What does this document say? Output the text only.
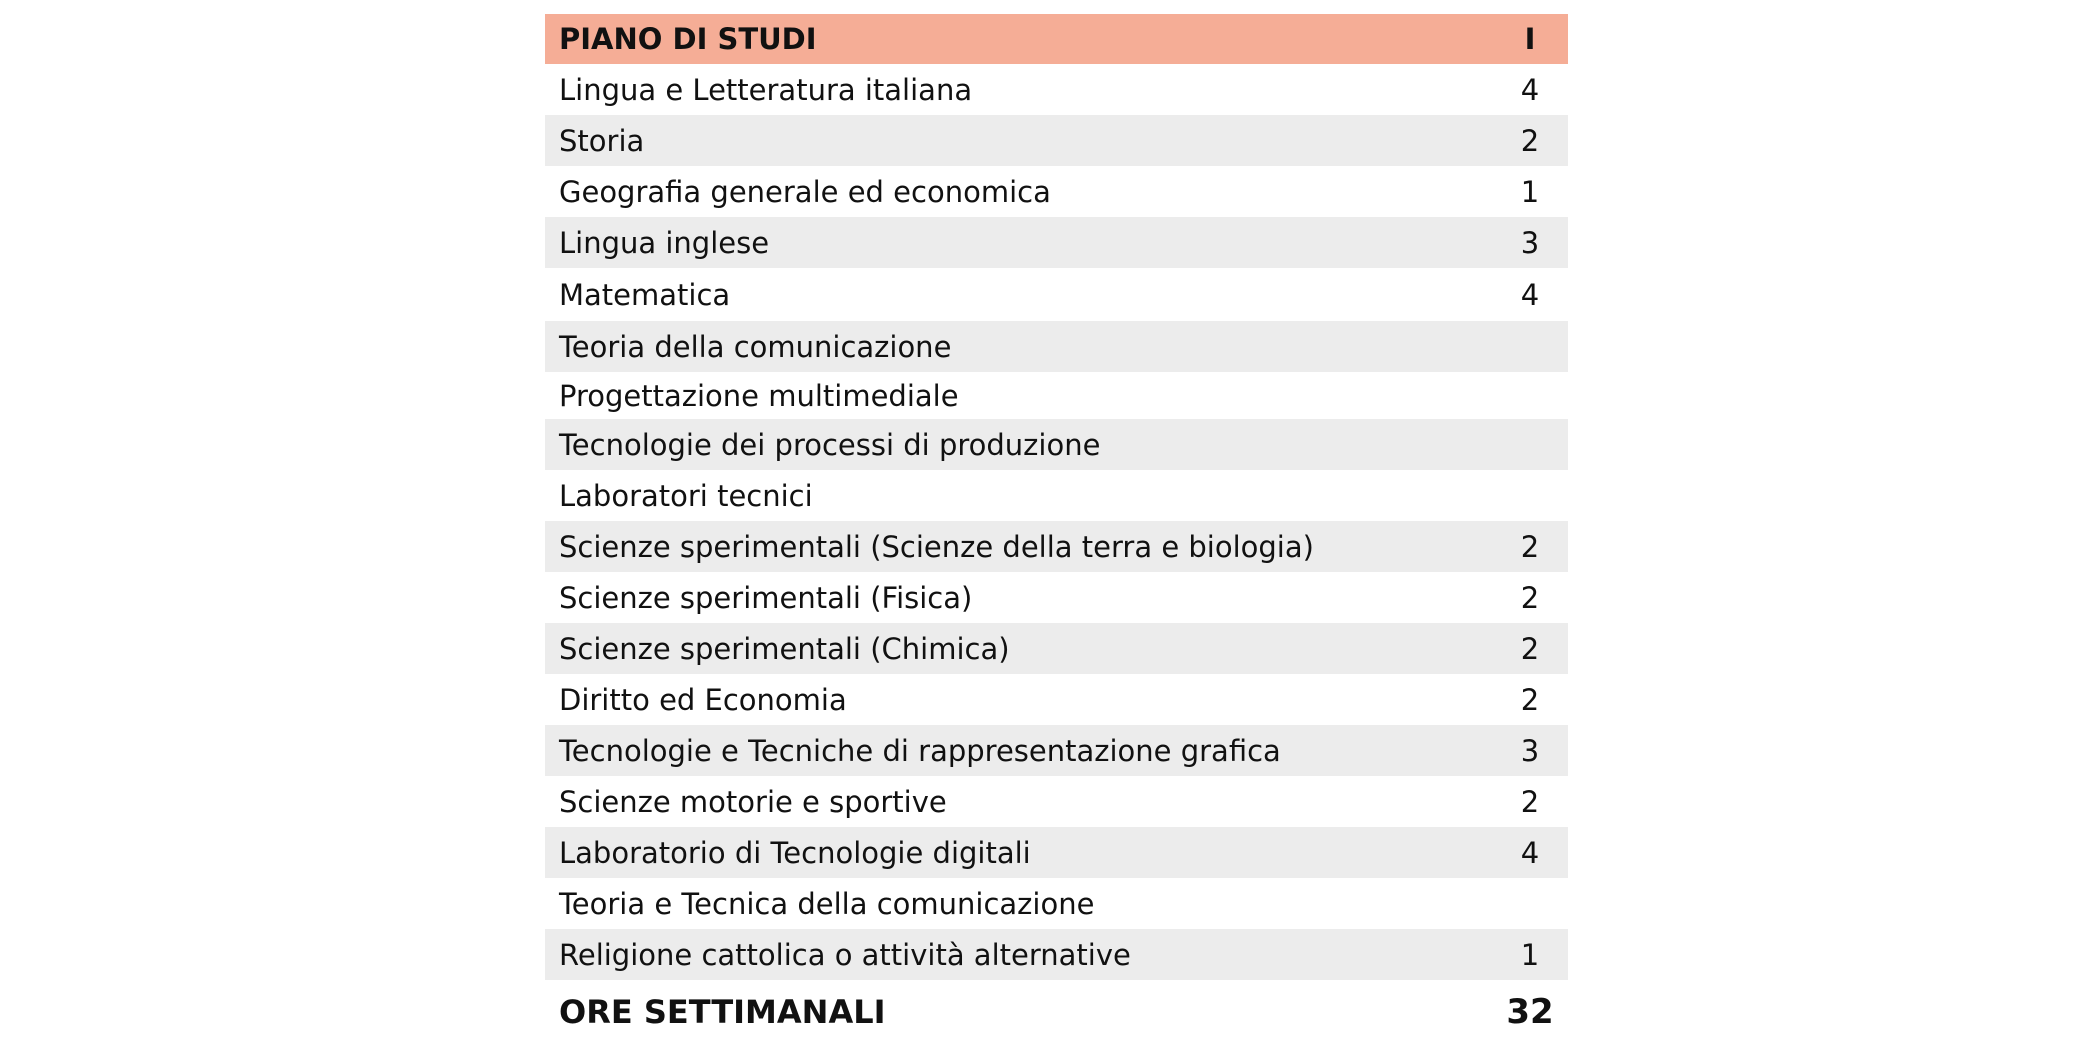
PIANO DI STUDI	I
Lingua e Letteratura italiana	4
Storia	2
Geografia generale ed economica	1
Lingua inglese	3
Matematica	4
Teoria della comunicazione
Progettazione multimediale
Tecnologie dei processi di produzione
Laboratori tecnici
Scienze sperimentali (Scienze della terra e biologia)	2
Scienze sperimentali (Fisica)	2
Scienze sperimentali (Chimica)	2
Diritto ed Economia	2
Tecnologie e Tecniche di rappresentazione grafica	3
Scienze motorie e sportive	2
Laboratorio di Tecnologie digitali	4
Teoria e Tecnica della comunicazione
Religione cattolica o attività alternative	1
ORE SETTIMANALI	32
